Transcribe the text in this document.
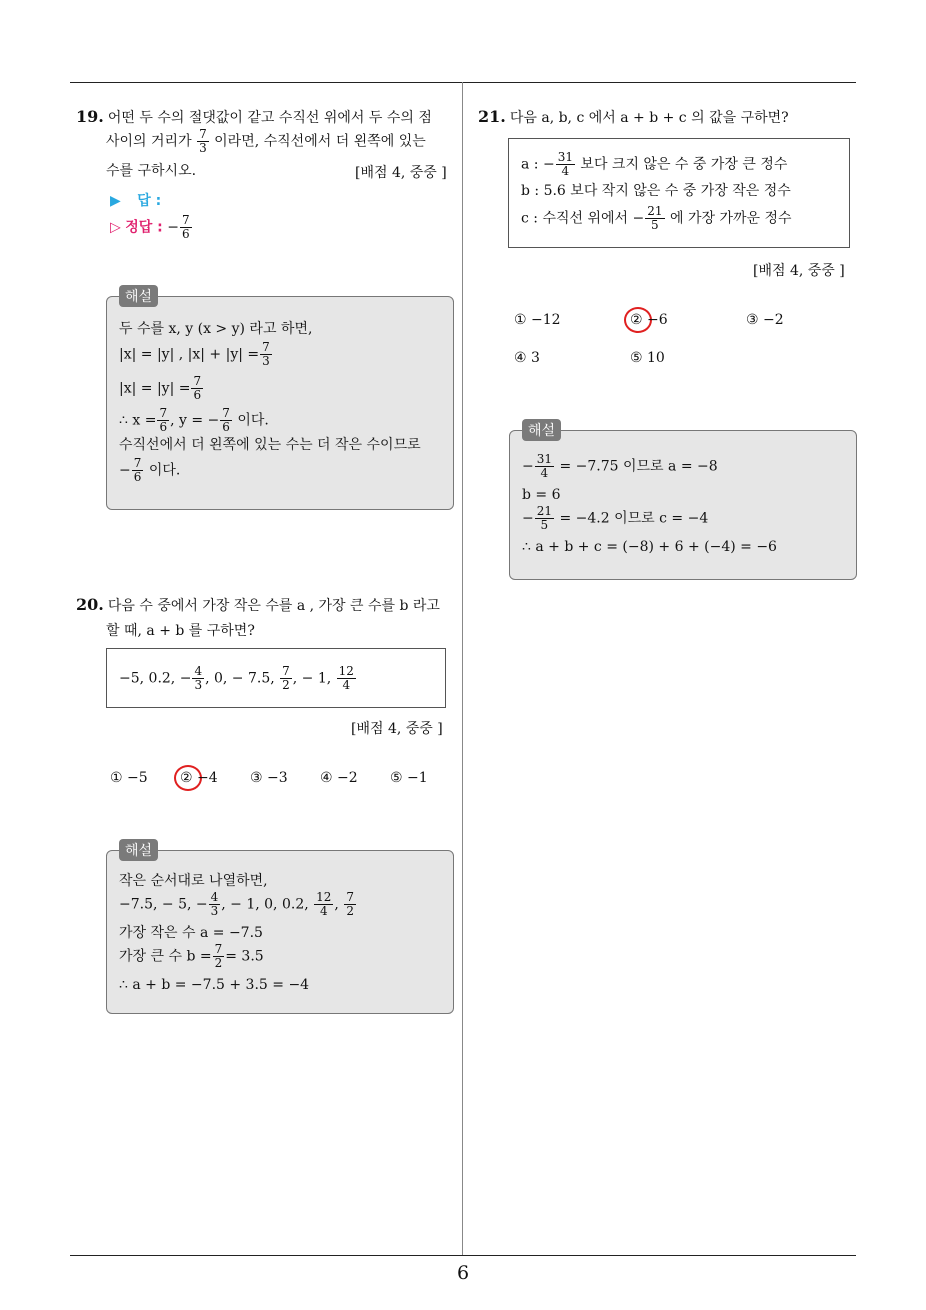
6
19. 어떤 두 수의 절댓값이 같고 수직선 위에서 두 수의 점
사이의 거리가 $\frac{7}{3}$ 이라면, 수직선에서 더 왼쪽에 있는
수를 구하시오.	[배점 4, 중중 ]
▶ 답 :
▷ 정답 : − $\frac{7}{6}$
해설
두 수를 x, y (x > y) 라고 하면,
|x| = |y| , $|x| + |y| = \frac{7}{3}$
$|x| = |y| = \frac{7}{6}$
∴ $x = \frac{7}{6}$ , y = − $\frac{7}{6}$ 이다.
수직선에서 더 왼쪽에 있는 수는 더 작은 수이므로
− $\frac{7}{6}$ 이다.
20. 다음 수 중에서 가장 작은 수를 a , 가장 큰 수를 b 라고
할 때, a + b 를 구하면?
−5, 0.2, − $\frac{4}{3}$ , 0, − 7.5, $\frac{7}{2}$ , − 1, $\frac{12}{4}$
[배점 4, 중중 ]
① −5 ② −4 ③ −3 ④ −2 ⑤ −1
해설
작은 순서대로 나열하면,
−7.5, − 5, − $\frac{4}{3}$ , − 1, 0, 0.2, $\frac{12}{4}$ , $\frac{7}{2}$
가장 작은 수 a = −7.5
가장 큰 수 $b = \frac{7}{2} = 3.5$
∴ a + b = −7.5 + 3.5 = −4
21. 다음 a, b, c 에서 a + b + c 의 값을 구하면?
a : − $\frac{31}{4}$ 보다 크지 않은 수 중 가장 큰 정수
b : 5.6 보다 작지 않은 수 중 가장 작은 정수
c : 수직선 위에서 − $\frac{21}{5}$ 에 가장 가까운 정수
[배점 4, 중중 ]
① −12	② −6	③ −2
④ 3	⑤ 10
해설
− $\frac{31}{4} = -7.75$ 이므로 a = −8
b = 6
− $\frac{21}{5} = -4.2$ 이므로 c = −4
∴ a + b + c = (−8) + 6 + (−4) = −6
